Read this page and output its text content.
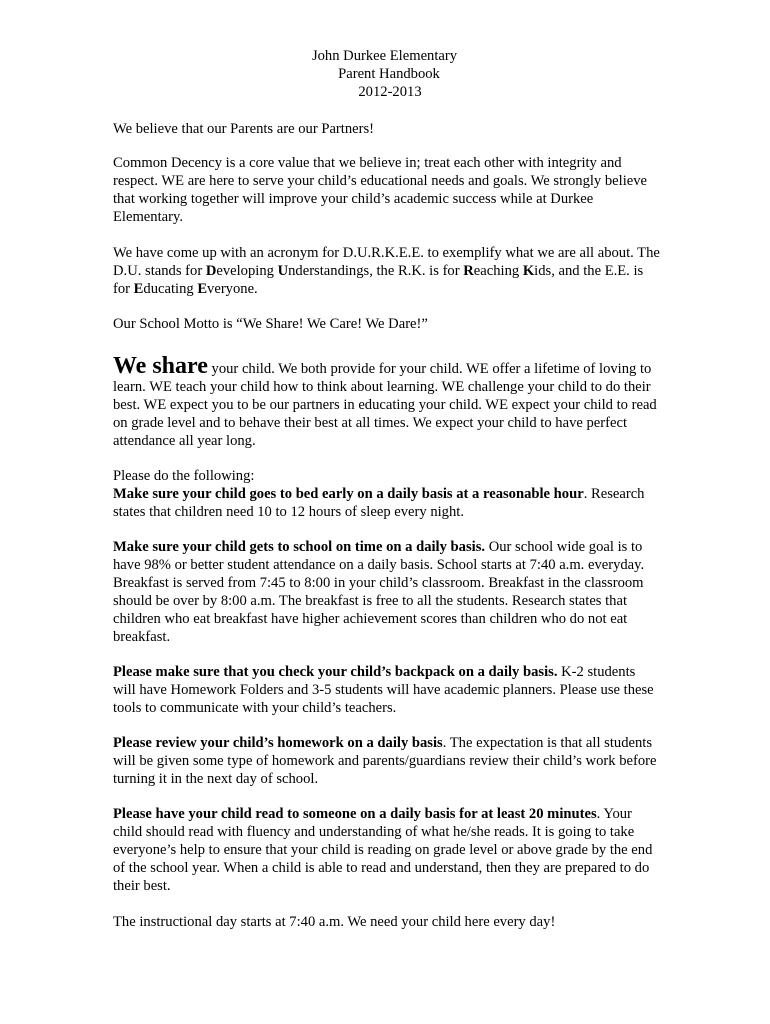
John Durkee Elementary
Parent Handbook
2012-2013

We believe that our Parents are our Partners!

Common Decency is a core value that we believe in; treat each other with integrity and respect. WE are here to serve your child’s educational needs and goals. We strongly believe that working together will improve your child’s academic success while at Durkee Elementary.

We have come up with an acronym for D.U.R.K.E.E. to exemplify what we are all about. The D.U. stands for Developing Understandings, the R.K. is for Reaching Kids, and the E.E. is for Educating Everyone.

Our School Motto is “We Share! We Care! We Dare!”

We share your child. We both provide for your child. WE offer a lifetime of loving to learn. WE teach your child how to think about learning. WE challenge your child to do their best. WE expect you to be our partners in educating your child. WE expect your child to read on grade level and to behave their best at all times. We expect your child to have perfect attendance all year long.

Please do the following:

Make sure your child goes to bed early on a daily basis at a reasonable hour. Research states that children need 10 to 12 hours of sleep every night.

Make sure your child gets to school on time on a daily basis. Our school wide goal is to have 98% or better student attendance on a daily basis. School starts at 7:40 a.m. everyday. Breakfast is served from 7:45 to 8:00 in your child’s classroom. Breakfast in the classroom should be over by 8:00 a.m. The breakfast is free to all the students. Research states that children who eat breakfast have higher achievement scores than children who do not eat breakfast.

Please make sure that you check your child’s backpack on a daily basis. K-2 students will have Homework Folders and 3-5 students will have academic planners. Please use these tools to communicate with your child’s teachers.

Please review your child’s homework on a daily basis. The expectation is that all students will be given some type of homework and parents/guardians review their child’s work before turning it in the next day of school.

Please have your child read to someone on a daily basis for at least 20 minutes. Your child should read with fluency and understanding of what he/she reads. It is going to take everyone’s help to ensure that your child is reading on grade level or above grade by the end of the school year. When a child is able to read and understand, then they are prepared to do their best.

The instructional day starts at 7:40 a.m. We need your child here every day!
